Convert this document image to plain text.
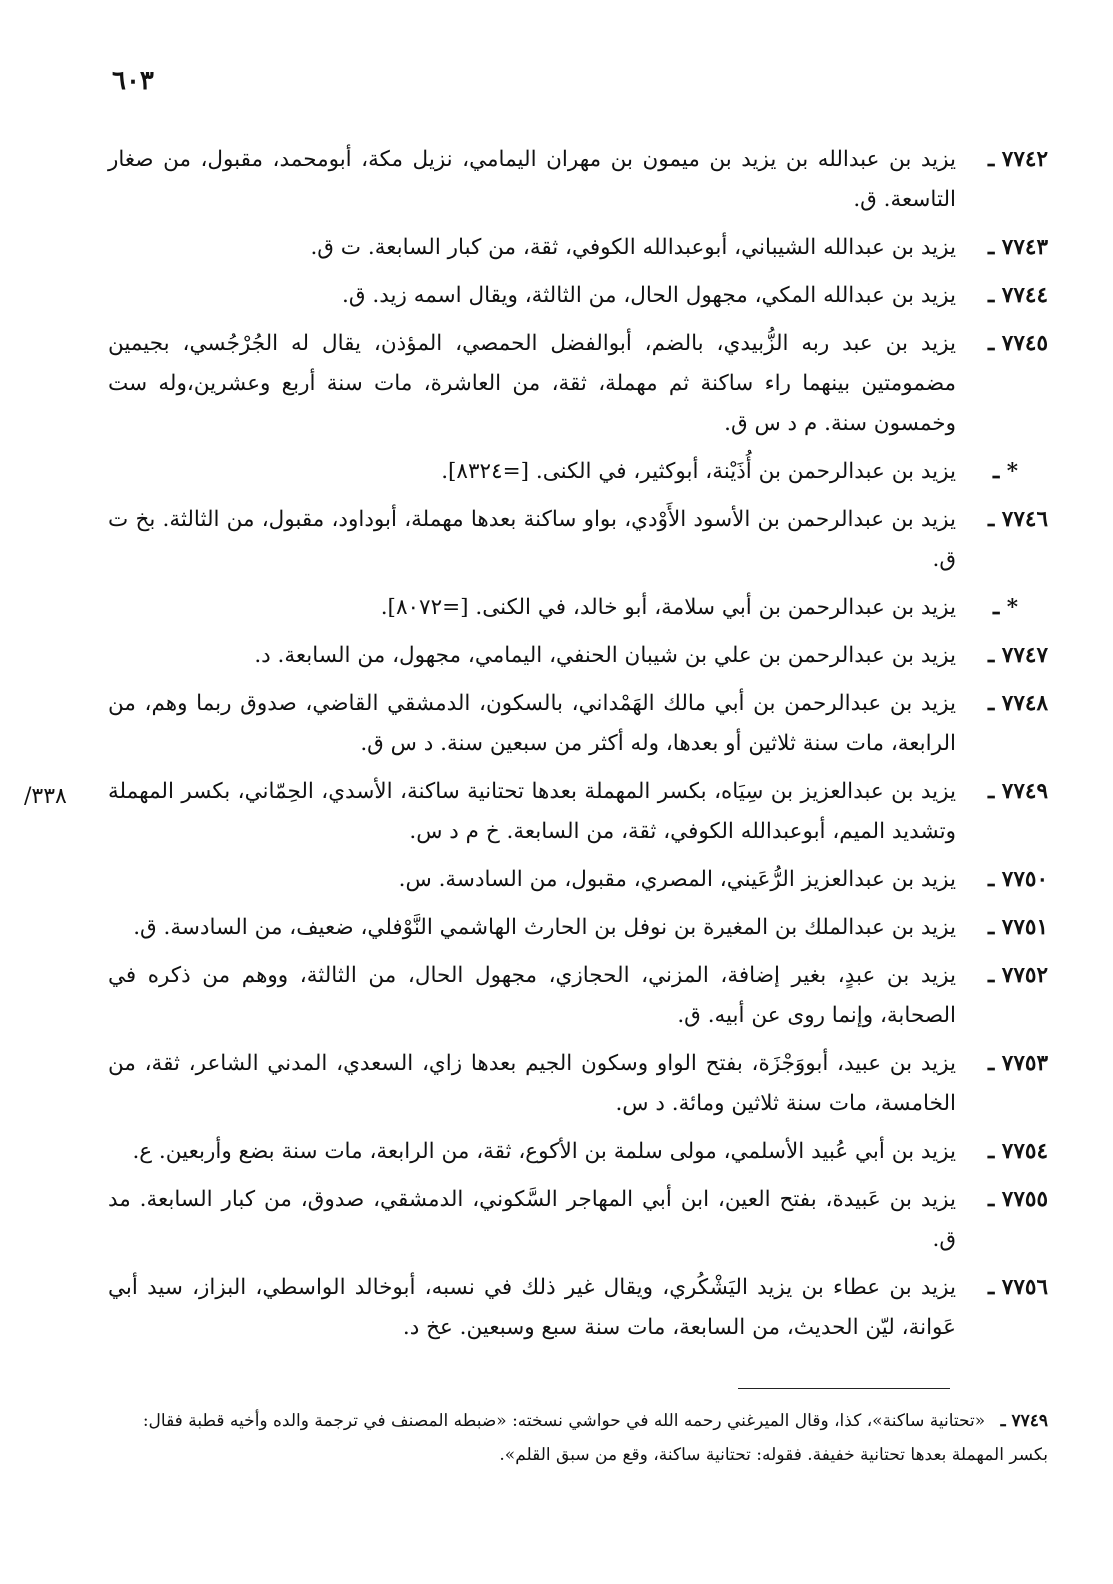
٦٠٣
٣٣٨/
٧٧٤٢ ـ
يزيد بن عبدالله بن يزيد بن ميمون بن مهران اليمامي، نزيل مكة، أبومحمد، مقبول، من صغار التاسعة. ق.
٧٧٤٣ ـ
يزيد بن عبدالله الشيباني، أبوعبدالله الكوفي، ثقة، من كبار السابعة. ت ق.
٧٧٤٤ ـ
يزيد بن عبدالله المكي، مجهول الحال، من الثالثة، ويقال اسمه زيد. ق.
٧٧٤٥ ـ
يزيد بن عبد ربه الزُّبيدي، بالضم، أبوالفضل الحمصي، المؤذن، يقال له الجُرْجُسي، بجيمين مضمومتين بينهما راء ساكنة ثم مهملة، ثقة، من العاشرة، مات سنة أربع وعشرين،وله ست وخمسون سنة. م د س ق.
* ـ
يزيد بن عبدالرحمن بن أُذَيْنة، أبوكثير، في الكنى. [=٨٣٢٤].
٧٧٤٦ ـ
يزيد بن عبدالرحمن بن الأسود الأَوْدي، بواو ساكنة بعدها مهملة، أبوداود، مقبول، من الثالثة. بخ ت ق.
* ـ
يزيد بن عبدالرحمن بن أبي سلامة، أبو خالد، في الكنى. [=٨٠٧٢].
٧٧٤٧ ـ
يزيد بن عبدالرحمن بن علي بن شيبان الحنفي، اليمامي، مجهول، من السابعة. د.
٧٧٤٨ ـ
يزيد بن عبدالرحمن بن أبي مالك الهَمْداني، بالسكون، الدمشقي القاضي، صدوق ربما وهم، من الرابعة، مات سنة ثلاثين أو بعدها، وله أكثر من سبعين سنة. د س ق.
٧٧٤٩ ـ
يزيد بن عبدالعزيز بن سِيَاه، بكسر المهملة بعدها تحتانية ساكنة، الأسدي، الحِمّاني، بكسر المهملة وتشديد الميم، أبوعبدالله الكوفي، ثقة، من السابعة. خ م د س.
٧٧٥٠ ـ
يزيد بن عبدالعزيز الرُّعَيني، المصري، مقبول، من السادسة. س.
٧٧٥١ ـ
يزيد بن عبدالملك بن المغيرة بن نوفل بن الحارث الهاشمي النَّوْفلي، ضعيف، من السادسة. ق.
٧٧٥٢ ـ
يزيد بن عبدٍ، بغير إضافة، المزني، الحجازي، مجهول الحال، من الثالثة، ووهم من ذكره في الصحابة، وإنما روى عن أبيه. ق.
٧٧٥٣ ـ
يزيد بن عبيد، أبووَجْزَة، بفتح الواو وسكون الجيم بعدها زاي، السعدي، المدني الشاعر، ثقة، من الخامسة، مات سنة ثلاثين ومائة. د س.
٧٧٥٤ ـ
يزيد بن أبي عُبيد الأسلمي، مولى سلمة بن الأكوع، ثقة، من الرابعة، مات سنة بضع وأربعين. ع.
٧٧٥٥ ـ
يزيد بن عَبيدة، بفتح العين، ابن أبي المهاجر السَّكوني، الدمشقي، صدوق، من كبار السابعة. مد ق.
٧٧٥٦ ـ
يزيد بن عطاء بن يزيد اليَشْكُري، ويقال غير ذلك في نسبه، أبوخالد الواسطي، البزاز، سيد أبي عَوانة، ليّن الحديث، من السابعة، مات سنة سبع وسبعين. عخ د.
٧٧٤٩ ـ «تحتانية ساكنة»، كذا، وقال الميرغني رحمه الله في حواشي نسخته: «ضبطه المصنف في ترجمة والده وأخيه قطبة فقال: بكسر المهملة بعدها تحتانية خفيفة. فقوله: تحتانية ساكنة، وقع من سبق القلم».
